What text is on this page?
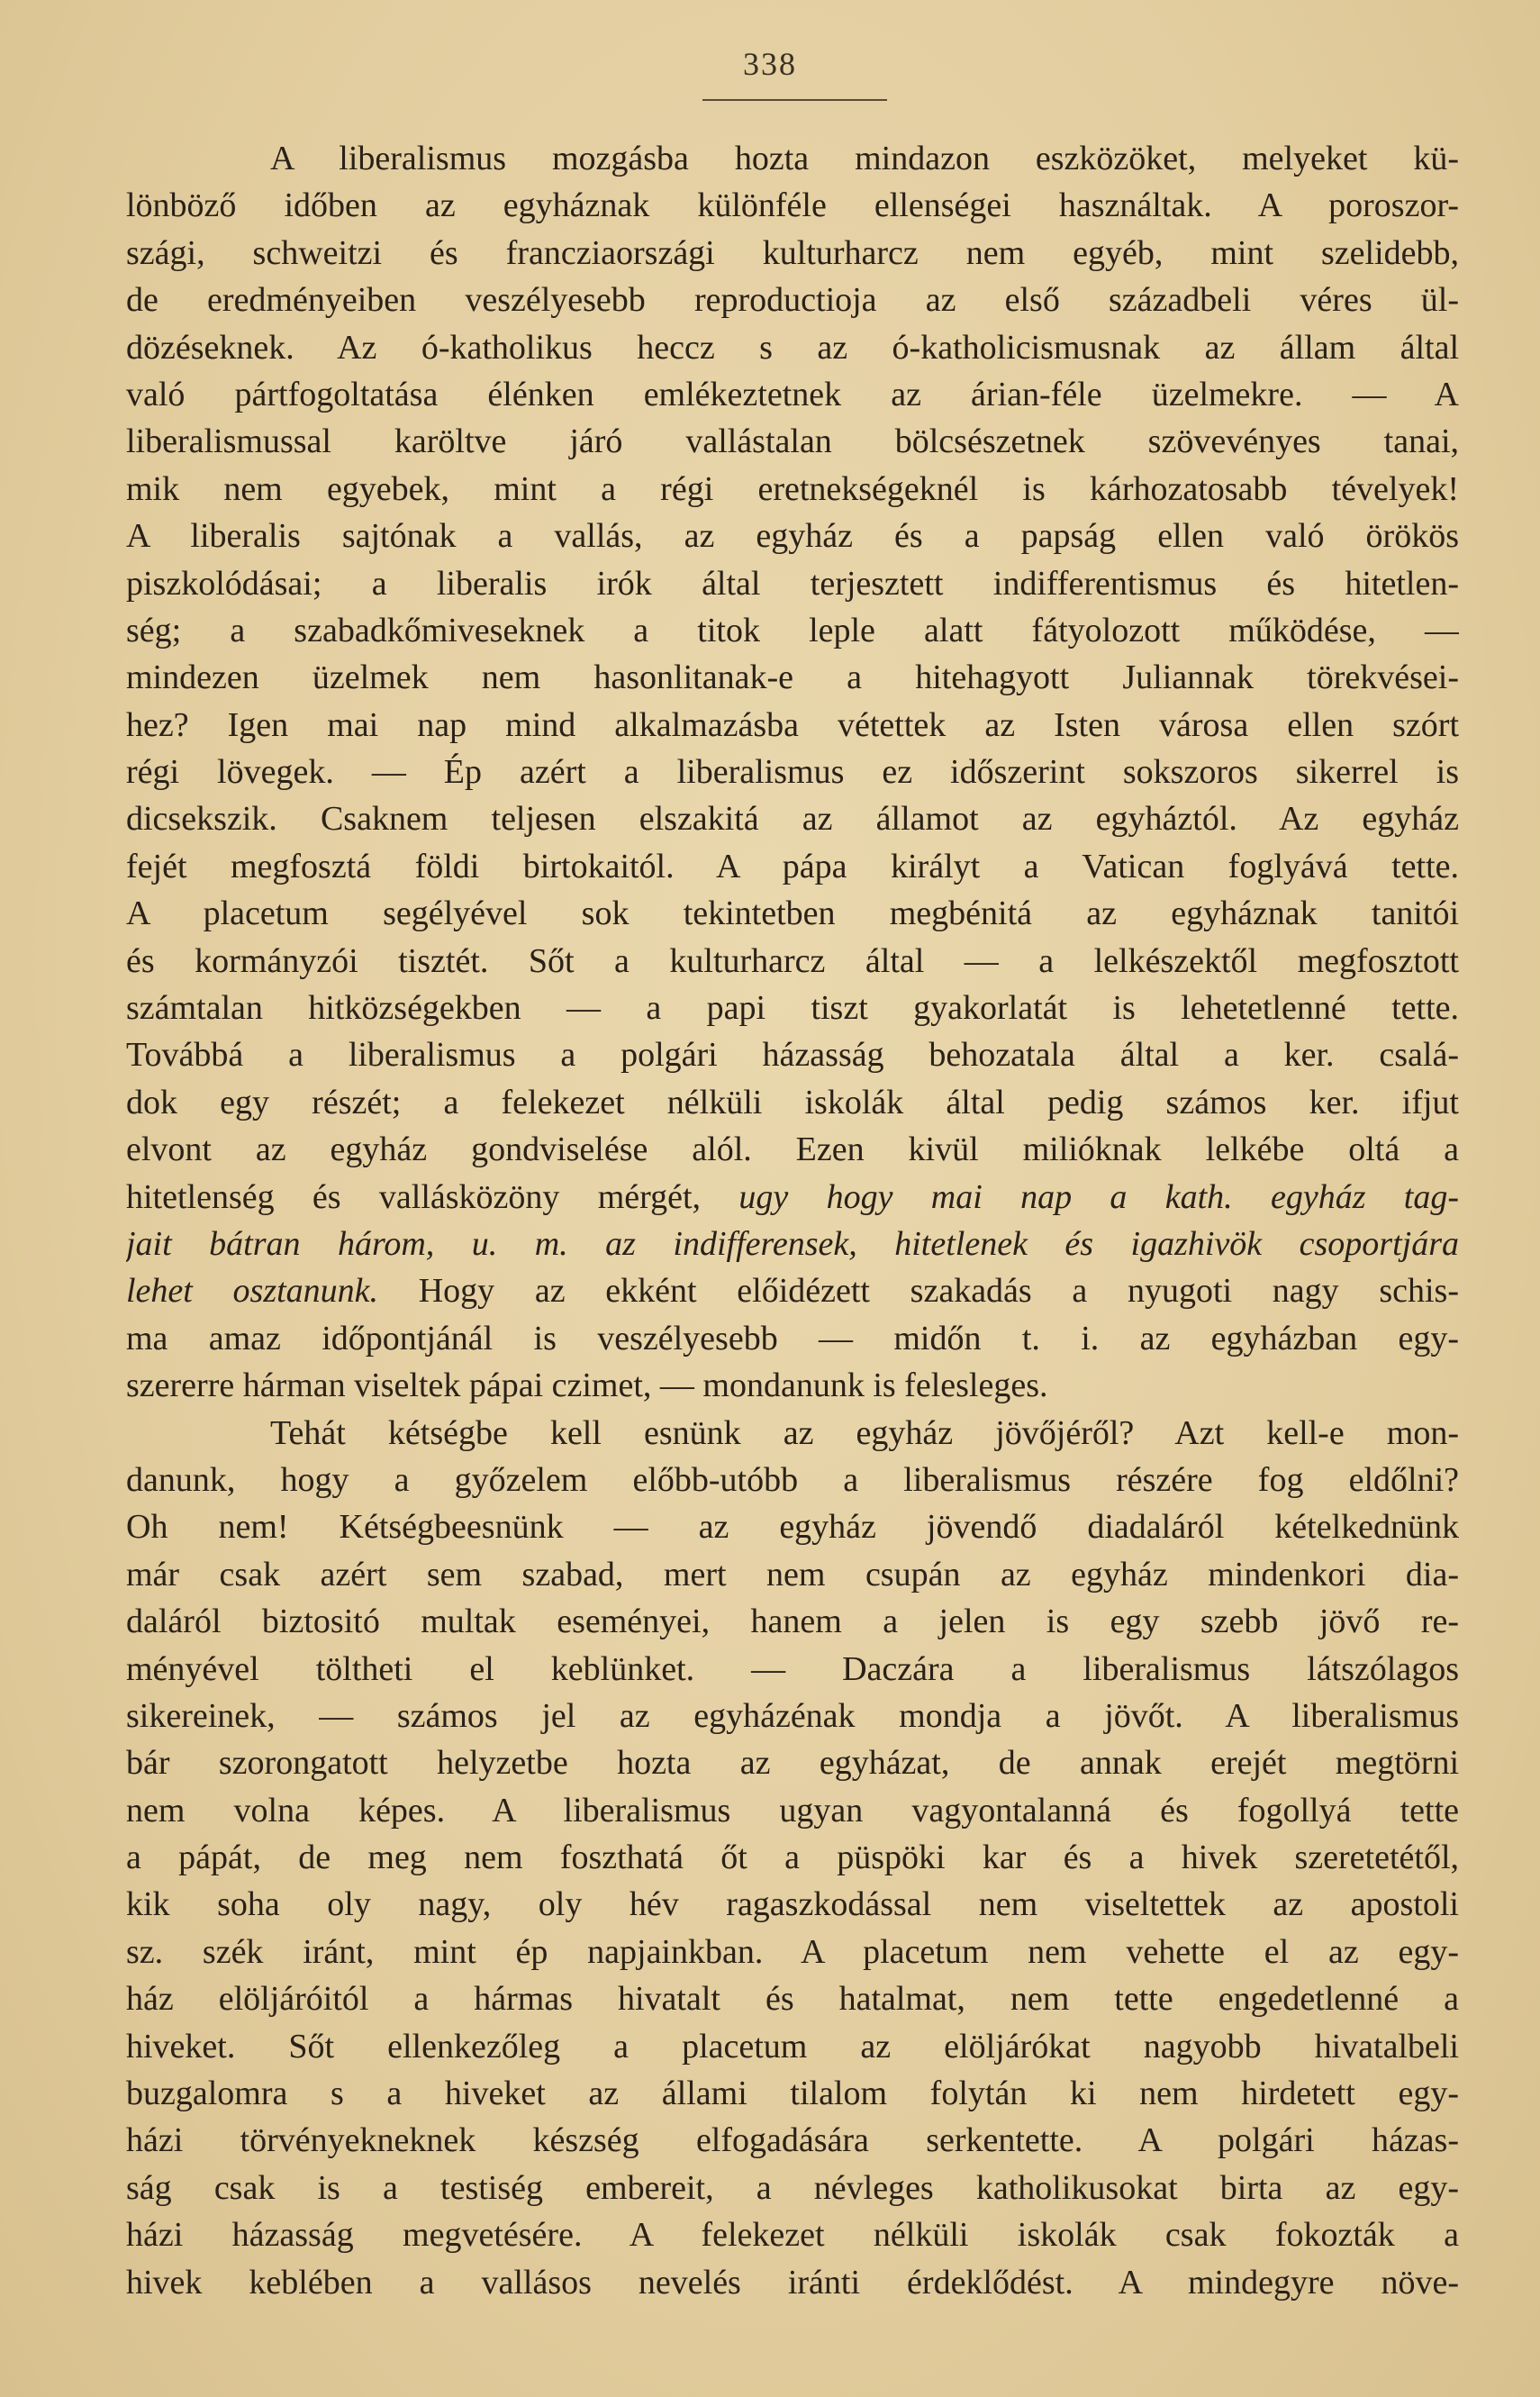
338
A liberalismus mozgásba hozta mindazon eszközöket, melyeket kü-
lönböző időben az egyháznak különféle ellenségei használtak. A poroszor-
szági, schweitzi és francziaországi kulturharcz nem egyéb, mint szelidebb,
de eredményeiben veszélyesebb reproductioja az első századbeli véres ül-
dözéseknek. Az ó-katholikus heccz s az ó-katholicismusnak az állam által
való pártfogoltatása élénken emlékeztetnek az árian-féle üzelmekre. — A
liberalismussal karöltve járó vallástalan bölcsészetnek szövevényes tanai,
mik nem egyebek, mint a régi eretnekségeknél is kárhozatosabb tévelyek!
A liberalis sajtónak a vallás, az egyház és a papság ellen való örökös
piszkolódásai; a liberalis irók által terjesztett indifferentismus és hitetlen-
ség; a szabadkőmiveseknek a titok leple alatt fátyolozott működése, —
mindezen üzelmek nem hasonlitanak-e a hitehagyott Juliannak törekvései-
hez? Igen mai nap mind alkalmazásba vétettek az Isten városa ellen szórt
régi lövegek. — Ép azért a liberalismus ez időszerint sokszoros sikerrel is
dicsekszik. Csaknem teljesen elszakitá az államot az egyháztól. Az egyház
fejét megfosztá földi birtokaitól. A pápa királyt a Vatican foglyává tette.
A placetum segélyével sok tekintetben megbénitá az egyháznak tanitói
és kormányzói tisztét. Sőt a kulturharcz által — a lelkészektől megfosztott
számtalan hitközségekben — a papi tiszt gyakorlatát is lehetetlenné tette.
Továbbá a liberalismus a polgári házasság behozatala által a ker. csalá-
dok egy részét; a felekezet nélküli iskolák által pedig számos ker. ifjut
elvont az egyház gondviselése alól. Ezen kivül milióknak lelkébe oltá a
hitetlenség és vallásközöny mérgét, ugy hogy mai nap a kath. egyház tag-
jait bátran három, u. m. az indifferensek, hitetlenek és igazhivök csoportjára
lehet osztanunk. Hogy az ekként előidézett szakadás a nyugoti nagy schis-
ma amaz időpontjánál is veszélyesebb — midőn t. i. az egyházban egy-
szererre hárman viseltek pápai czimet, — mondanunk is felesleges.
Tehát kétségbe kell esnünk az egyház jövőjéről? Azt kell-e mon-
danunk, hogy a győzelem előbb-utóbb a liberalismus részére fog eldőlni?
Oh nem! Kétségbeesnünk — az egyház jövendő diadaláról kételkednünk
már csak azért sem szabad, mert nem csupán az egyház mindenkori dia-
daláról biztositó multak eseményei, hanem a jelen is egy szebb jövő re-
ményével töltheti el keblünket. — Daczára a liberalismus látszólagos
sikereinek, — számos jel az egyházénak mondja a jövőt. A liberalismus
bár szorongatott helyzetbe hozta az egyházat, de annak erejét megtörni
nem volna képes. A liberalismus ugyan vagyontalanná és fogollyá tette
a pápát, de meg nem foszthatá őt a püspöki kar és a hivek szeretetétől,
kik soha oly nagy, oly hév ragaszkodással nem viseltettek az apostoli
sz. szék iránt, mint ép napjainkban. A placetum nem vehette el az egy-
ház elöljáróitól a hármas hivatalt és hatalmat, nem tette engedetlenné a
hiveket. Sőt ellenkezőleg a placetum az elöljárókat nagyobb hivatalbeli
buzgalomra s a hiveket az állami tilalom folytán ki nem hirdetett egy-
házi törvényekneknek készség elfogadására serkentette. A polgári házas-
ság csak is a testiség embereit, a névleges katholikusokat birta az egy-
házi házasság megvetésére. A felekezet nélküli iskolák csak fokozták a
hivek keblében a vallásos nevelés iránti érdeklődést. A mindegyre növe-
